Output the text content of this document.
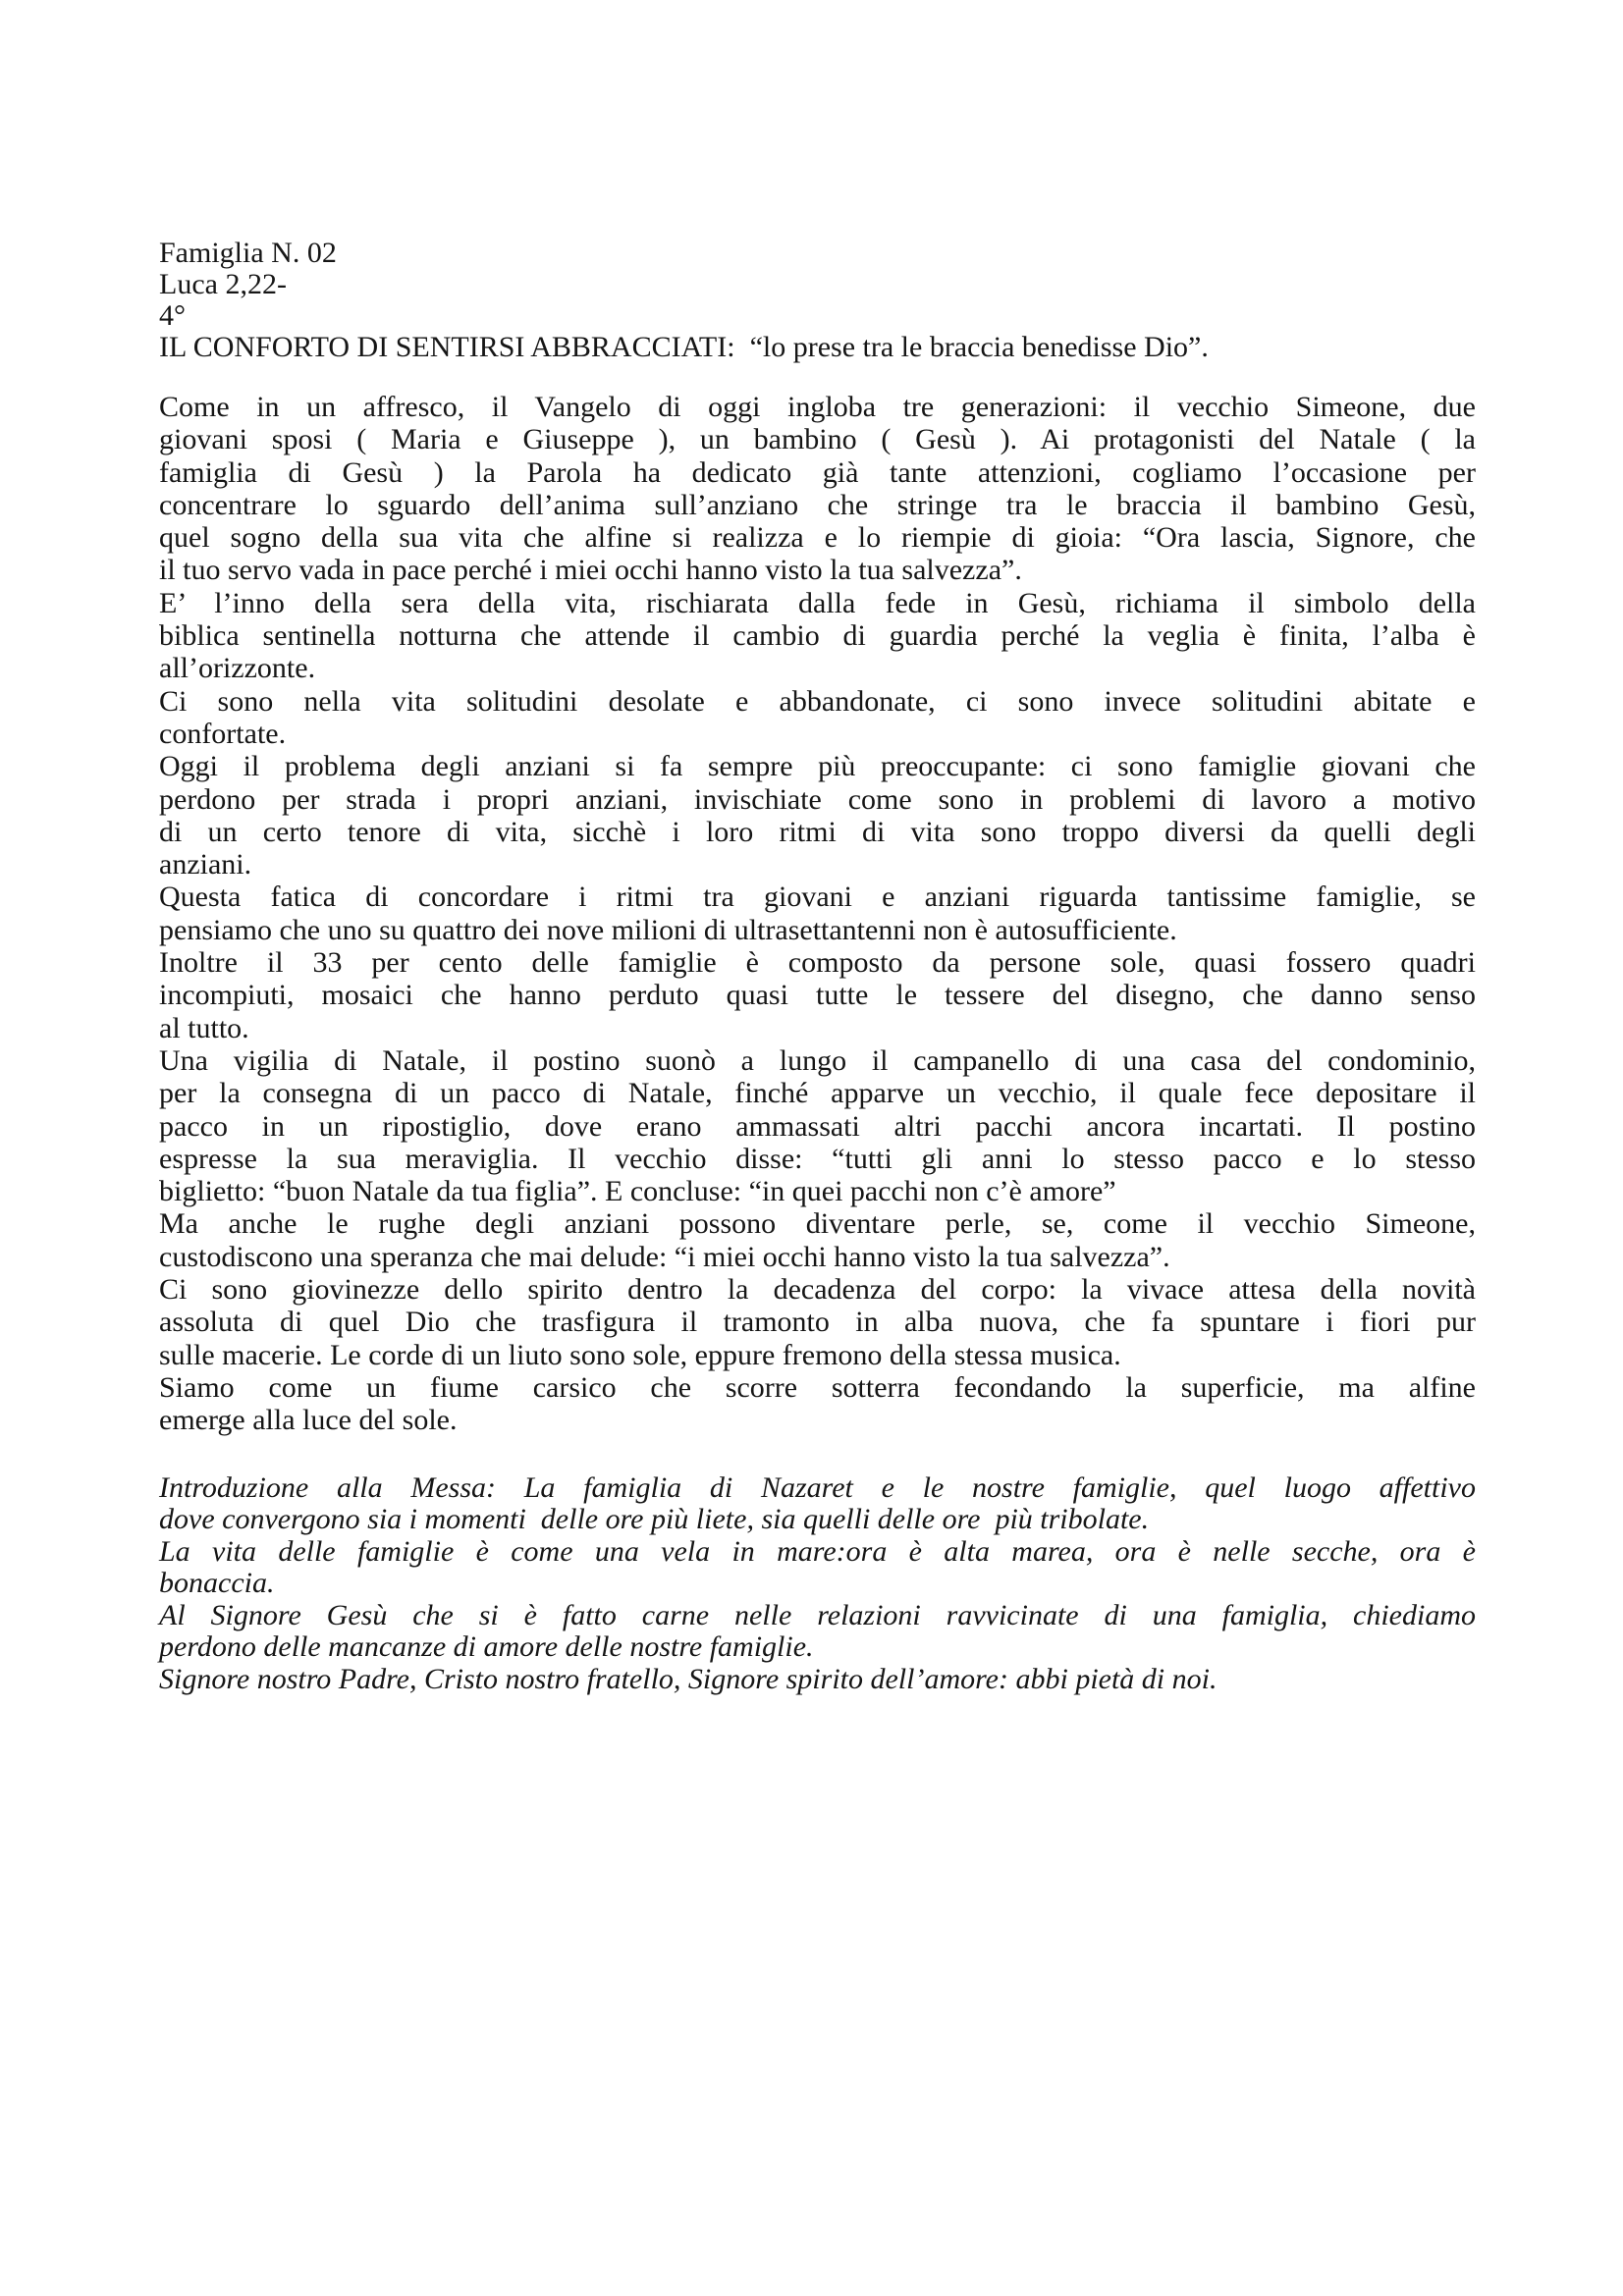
Famiglia N. 02
Luca 2,22-
4°
IL CONFORTO DI SENTIRSI ABBRACCIATI:  “lo prese tra le braccia benedisse Dio”.
Come in un affresco, il Vangelo di oggi ingloba tre generazioni: il vecchio Simeone, due
giovani sposi ( Maria e Giuseppe ), un bambino ( Gesù ). Ai protagonisti del Natale ( la
famiglia di Gesù ) la Parola ha dedicato già tante attenzioni, cogliamo l’occasione per
concentrare lo sguardo dell’anima sull’anziano che stringe tra le braccia il bambino Gesù,
quel sogno della sua vita che alfine si realizza e lo riempie di gioia: “Ora lascia, Signore, che
il tuo servo vada in pace perché i miei occhi hanno visto la tua salvezza”.
E’ l’inno della sera della vita, rischiarata dalla fede in Gesù, richiama il simbolo della
biblica sentinella notturna che attende il cambio di guardia perché la veglia è finita, l’alba è
all’orizzonte.
Ci sono nella vita solitudini desolate e abbandonate, ci sono invece solitudini abitate e
confortate.
Oggi il problema degli anziani si fa sempre più preoccupante: ci sono famiglie giovani che
perdono per strada i propri anziani, invischiate come sono in problemi di lavoro a motivo
di un certo tenore di vita, sicchè i loro ritmi di vita sono troppo diversi da quelli degli
anziani.
Questa fatica di concordare i ritmi tra giovani e anziani riguarda tantissime famiglie, se
pensiamo che uno su quattro dei nove milioni di ultrasettantenni non è autosufficiente.
Inoltre il 33 per cento delle famiglie è composto da persone sole, quasi fossero quadri
incompiuti, mosaici che hanno perduto quasi tutte le tessere del disegno, che danno senso
al tutto.
Una vigilia di Natale, il postino suonò a lungo il campanello di una casa del condominio,
per la consegna di un pacco di Natale, finché apparve un vecchio, il quale fece depositare il
pacco in un ripostiglio, dove erano ammassati altri pacchi ancora incartati. Il postino
espresse la sua meraviglia. Il vecchio disse: “tutti gli anni lo stesso pacco e lo stesso
biglietto: “buon Natale da tua figlia”. E concluse: “in quei pacchi non c’è amore”
Ma anche le rughe degli anziani possono diventare perle, se, come il vecchio Simeone,
custodiscono una speranza che mai delude: “i miei occhi hanno visto la tua salvezza”.
Ci sono giovinezze dello spirito dentro la decadenza del corpo: la vivace attesa della novità
assoluta di quel Dio che trasfigura il tramonto in alba nuova, che fa spuntare i fiori pur
sulle macerie. Le corde di un liuto sono sole, eppure fremono della stessa musica.
Siamo come un fiume carsico che scorre sotterra fecondando la superficie, ma alfine
emerge alla luce del sole.
Introduzione alla Messa: La famiglia di Nazaret e le nostre famiglie, quel luogo affettivo
dove convergono sia i momenti  delle ore più liete, sia quelli delle ore  più tribolate.
La vita delle famiglie è come una vela in mare:ora è alta marea, ora è nelle secche, ora è
bonaccia.
Al Signore Gesù che si è fatto carne nelle relazioni ravvicinate di una famiglia, chiediamo
perdono delle mancanze di amore delle nostre famiglie.
Signore nostro Padre, Cristo nostro fratello, Signore spirito dell’amore: abbi pietà di noi.
